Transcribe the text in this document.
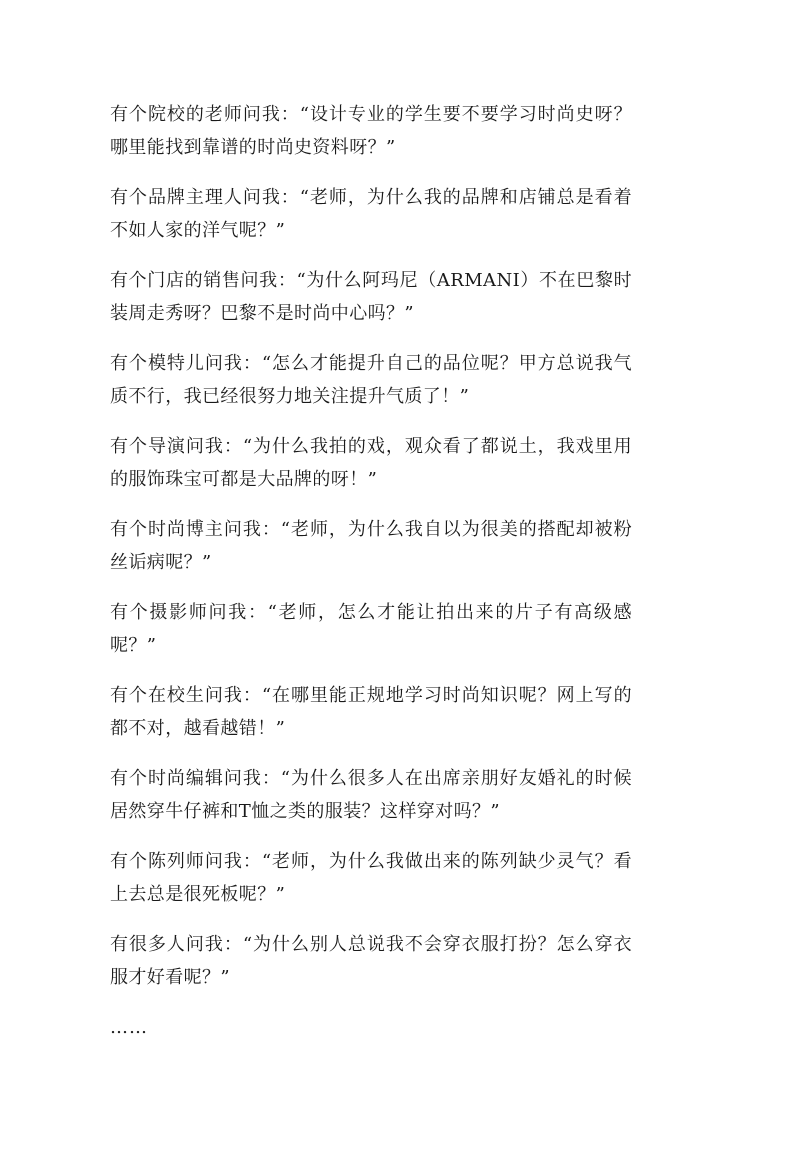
有个院校的老师问我：“设计专业的学生要不要学习时尚史呀？哪里能找到靠谱的时尚史资料呀？”

有个品牌主理人问我：“老师，为什么我的品牌和店铺总是看着不如人家的洋气呢？”

有个门店的销售问我：“为什么阿玛尼（ARMANI）不在巴黎时装周走秀呀？巴黎不是时尚中心吗？”

有个模特儿问我：“怎么才能提升自己的品位呢？甲方总说我气质不行，我已经很努力地关注提升气质了！”

有个导演问我：“为什么我拍的戏，观众看了都说土，我戏里用的服饰珠宝可都是大品牌的呀！”

有个时尚博主问我：“老师，为什么我自以为很美的搭配却被粉丝诟病呢？”

有个摄影师问我：“老师，怎么才能让拍出来的片子有高级感呢？”

有个在校生问我：“在哪里能正规地学习时尚知识呢？网上写的都不对，越看越错！”

有个时尚编辑问我：“为什么很多人在出席亲朋好友婚礼的时候居然穿牛仔裤和T恤之类的服装？这样穿对吗？”

有个陈列师问我：“老师，为什么我做出来的陈列缺少灵气？看上去总是很死板呢？”

有很多人问我：“为什么别人总说我不会穿衣服打扮？怎么穿衣服才好看呢？”

……
